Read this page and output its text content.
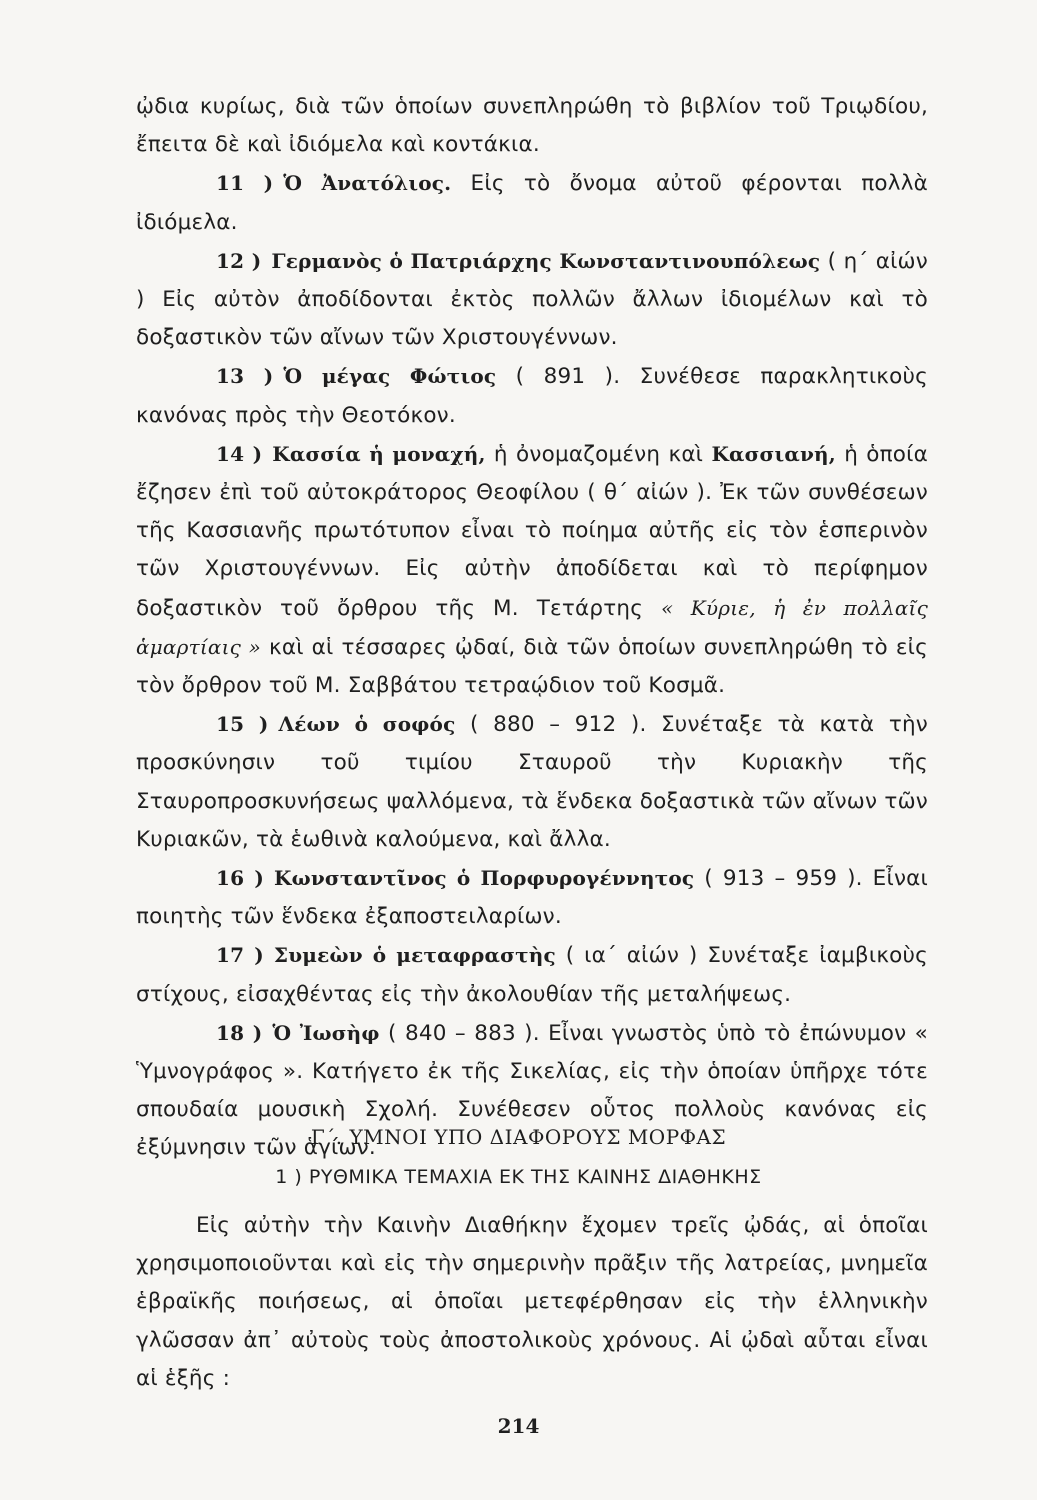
ᾠδια κυρίως, διὰ τῶν ὁποίων συνεπληρώθη τὸ βιβλίον τοῦ Τριῳδίου, ἔπειτα δὲ καὶ ἰδιόμελα καὶ κοντάκια.

11 ) Ὁ Ἀνατόλιος. Εἰς τὸ ὄνομα αὐτοῦ φέρονται πολλὰ ἰδιόμελα.

12 ) Γερμανὸς ὁ Πατριάρχης Κωνσταντινουπόλεως ( η΄ αἰών ) Εἰς αὐτὸν ἀποδίδονται ἐκτὸς πολλῶν ἄλλων ἰδιομέλων καὶ τὸ δοξαστικὸν τῶν αἴνων τῶν Χριστουγέννων.

13 ) Ὁ μέγας Φώτιος ( 891 ). Συνέθεσε παρακλητικοὺς κανόνας πρὸς τὴν Θεοτόκον.

14 ) Κασσία ἡ μοναχή, ἡ ὀνομαζομένη καὶ Κασσιανή, ἡ ὁποία ἔζησεν ἐπὶ τοῦ αὐτοκράτορος Θεοφίλου ( θ΄ αἰών ). Ἐκ τῶν συνθέσεων τῆς Κασσιανῆς πρωτότυπον εἶναι τὸ ποίημα αὐτῆς εἰς τὸν ἑσπερινὸν τῶν Χριστουγέννων. Εἰς αὐτὴν ἀποδίδεται καὶ τὸ περίφημον δοξαστικὸν τοῦ ὄρθρου τῆς Μ. Τετάρτης « Κύριε, ἡ ἐν πολλαῖς ἁμαρτίαις » καὶ αἱ τέσσαρες ᾠδαί, διὰ τῶν ὁποίων συνεπληρώθη τὸ εἰς τὸν ὄρθρον τοῦ Μ. Σαββάτου τετραῴδιον τοῦ Κοσμᾶ.

15 ) Λέων ὁ σοφός ( 880 – 912 ). Συνέταξε τὰ κατὰ τὴν προσκύνησιν τοῦ τιμίου Σταυροῦ τὴν Κυριακὴν τῆς Σταυροπροσκυνήσεως ψαλλόμενα, τὰ ἕνδεκα δοξαστικὰ τῶν αἴνων τῶν Κυριακῶν, τὰ ἑωθινὰ καλούμενα, καὶ ἄλλα.

16 ) Κωνσταντῖνος ὁ Πορφυρογέννητος ( 913 – 959 ). Εἶναι ποιητὴς τῶν ἕνδεκα ἐξαποστειλαρίων.

17 ) Συμεὼν ὁ μεταφραστὴς ( ια΄ αἰών ) Συνέταξε ἰαμβικοὺς στίχους, εἰσαχθέντας εἰς τὴν ἀκολουθίαν τῆς μεταλήψεως.

18 ) Ὁ Ἰωσὴφ ( 840 – 883 ). Εἶναι γνωστὸς ὑπὸ τὸ ἐπώνυμον « Ὑμνογράφος ». Κατήγετο ἐκ τῆς Σικελίας, εἰς τὴν ὁποίαν ὑπῆρχε τότε σπουδαία μουσικὴ Σχολή. Συνέθεσεν οὗτος πολλοὺς κανόνας εἰς ἐξύμνησιν τῶν ἁγίων.

Γ΄. ΥΜΝΟΙ ΥΠΟ ΔΙΑΦΟΡΟΥΣ ΜΟΡΦΑΣ
1 ) ΡΥΘΜΙΚΑ ΤΕΜΑΧΙΑ ΕΚ ΤΗΣ ΚΑΙΝΗΣ ΔΙΑΘΗΚΗΣ

Εἰς αὐτὴν τὴν Καινὴν Διαθήκην ἔχομεν τρεῖς ᾠδάς, αἱ ὁποῖαι χρησιμοποιοῦνται καὶ εἰς τὴν σημερινὴν πρᾶξιν τῆς λατρείας, μνημεῖα ἑβραϊκῆς ποιήσεως, αἱ ὁποῖαι μετεφέρθησαν εἰς τὴν ἑλληνικὴν γλῶσσαν ἀπ᾽ αὐτοὺς τοὺς ἀποστολικοὺς χρόνους. Αἱ ᾠδαὶ αὗται εἶναι αἱ ἑξῆς :

214
